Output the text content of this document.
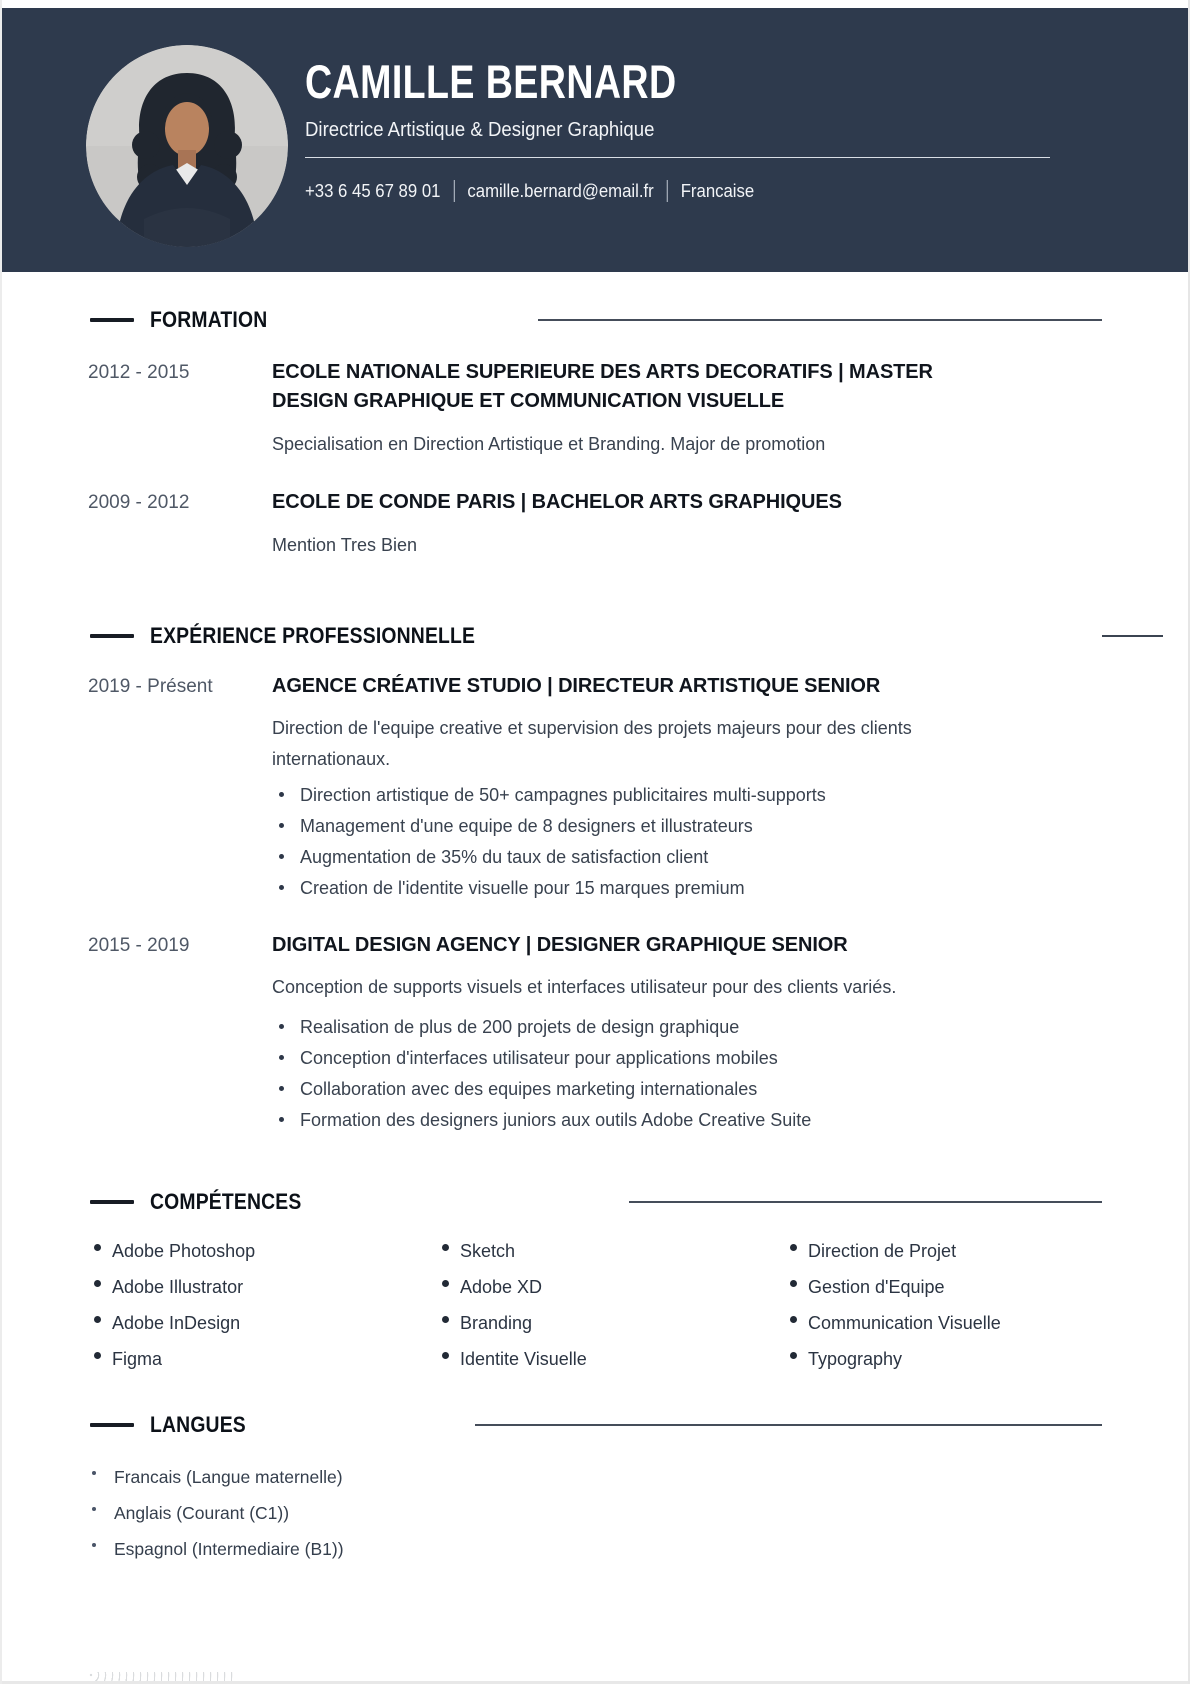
CAMILLE BERNARD
Directrice Artistique & Designer Graphique
+33 6 45 67 89 01 camille.bernard@email.fr Francaise
FORMATION
2012 - 2015	ECOLE NATIONALE SUPERIEURE DES ARTS DECORATIFS | MASTER DESIGN GRAPHIQUE ET COMMUNICATION VISUELLE
Specialisation en Direction Artistique et Branding. Major de promotion
2009 - 2012	ECOLE DE CONDE PARIS | BACHELOR ARTS GRAPHIQUES
Mention Tres Bien
EXPÉRIENCE PROFESSIONNELLE
2019 - Présent	AGENCE CRÉATIVE STUDIO | DIRECTEUR ARTISTIQUE SENIOR
Direction de l'equipe creative et supervision des projets majeurs pour des clients internationaux.
Direction artistique de 50+ campagnes publicitaires multi-supports
Management d'une equipe de 8 designers et illustrateurs
Augmentation de 35% du taux de satisfaction client
Creation de l'identite visuelle pour 15 marques premium
2015 - 2019	DIGITAL DESIGN AGENCY | DESIGNER GRAPHIQUE SENIOR
Conception de supports visuels et interfaces utilisateur pour des clients variés.
Realisation de plus de 200 projets de design graphique
Conception d'interfaces utilisateur pour applications mobiles
Collaboration avec des equipes marketing internationales
Formation des designers juniors aux outils Adobe Creative Suite
COMPÉTENCES
Adobe Photoshop
Adobe Illustrator
Adobe InDesign
Figma
Sketch
Adobe XD
Branding
Identite Visuelle
Direction de Projet
Gestion d'Equipe
Communication Visuelle
Typography
LANGUES
Francais (Langue maternelle)
Anglais (Courant (C1))
Espagnol (Intermediaire (B1))
